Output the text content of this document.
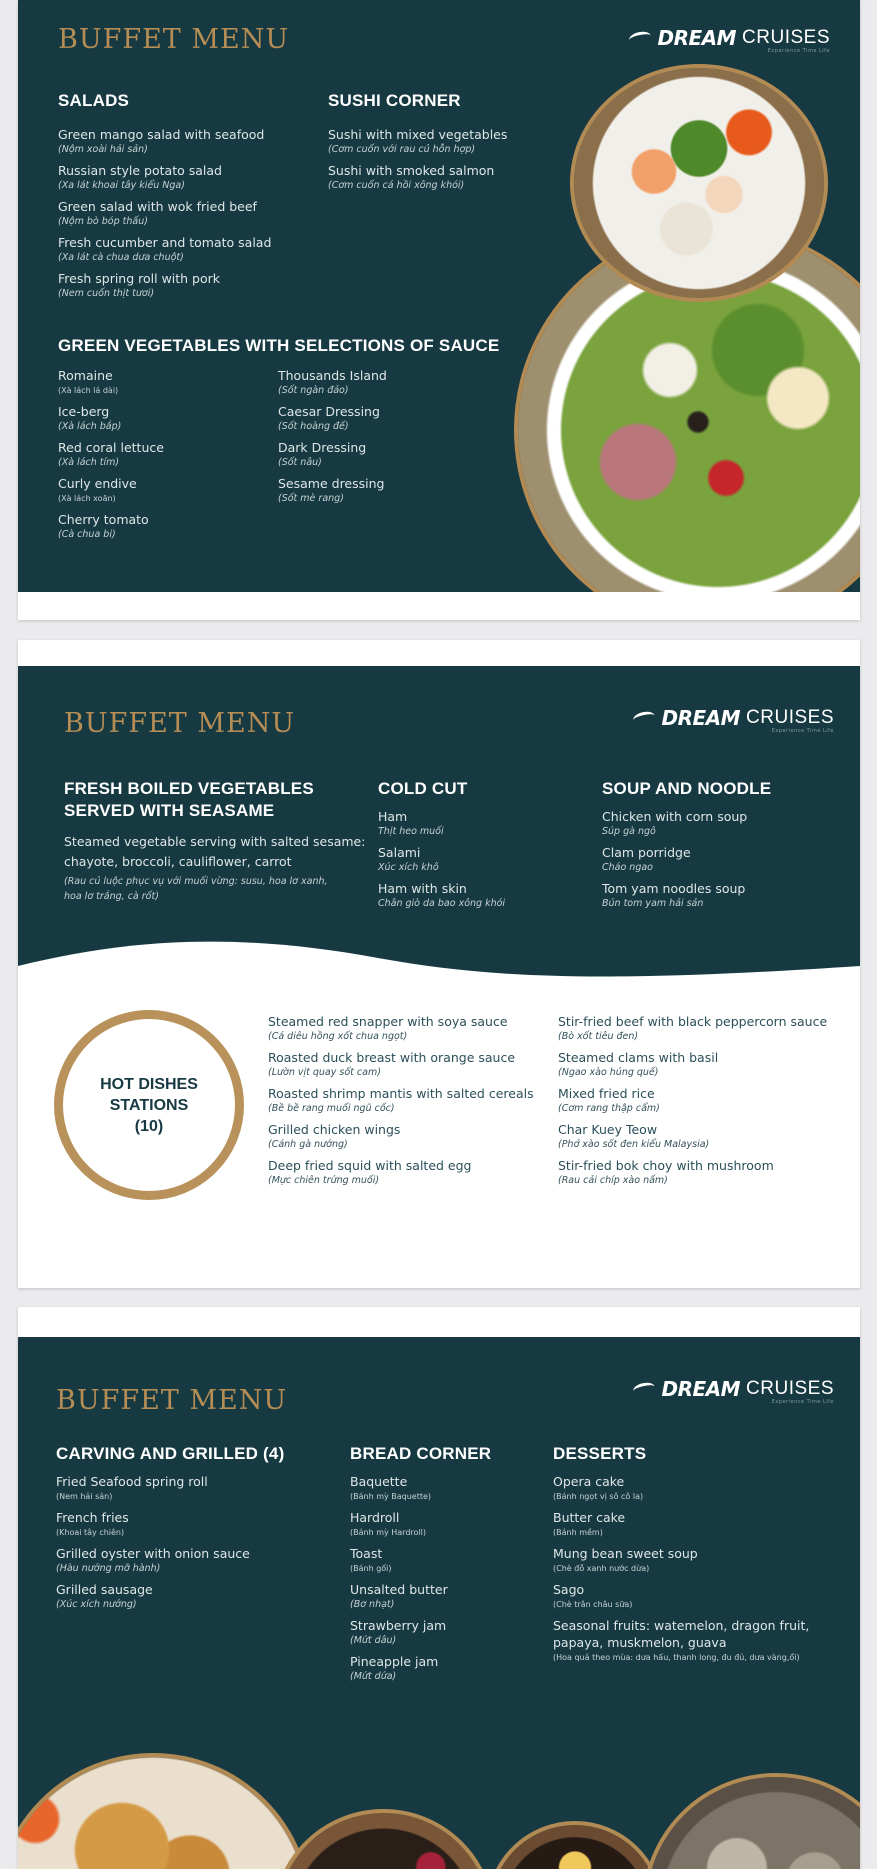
BUFFET MENU	DREAM CRUISES
Experience Time Life
SALADS
Green mango salad with seafood
(Nộm xoài hải sản)
Russian style potato salad
(Xa lát khoai tây kiểu Nga)
Green salad with wok fried beef
(Nộm bò bóp thấu)
Fresh cucumber and tomato salad
(Xa lát cà chua dưa chuột)
Fresh spring roll with pork
(Nem cuốn thịt tươi)
SUSHI CORNER
Sushi with mixed vegetables
(Cơm cuốn với rau củ hỗn hợp)
Sushi with smoked salmon
(Cơm cuốn cá hồi xông khói)
GREEN VEGETABLES WITH SELECTIONS OF SAUCE
Romaine
(Xà lách lá dài)
Ice-berg
(Xà lách bắp)
Red coral lettuce
(Xà lách tím)
Curly endive
(Xà lách xoăn)
Cherry tomato
(Cà chua bi)
Thousands Island
(Sốt ngàn đảo)
Caesar Dressing
(Sốt hoàng đế)
Dark Dressing
(Sốt nâu)
Sesame dressing
(Sốt mè rang)
BUFFET MENU	DREAM CRUISES
Experience Time Life
FRESH BOILED VEGETABLES
SERVED WITH SEASAME
Steamed vegetable serving with salted sesame:
chayote, broccoli, cauliflower, carrot
(Rau củ luộc phục vụ với muối vừng: susu, hoa lơ xanh,
hoa lơ trắng, cà rốt)
COLD CUT
Ham
Thịt heo muối
Salami
Xúc xích khô
Ham with skin
Chân giò da bao xông khói
SOUP AND NOODLE
Chicken with corn soup
Súp gà ngô
Clam porridge
Cháo ngao
Tom yam noodles soup
Bún tom yam hải sản
HOT DISHES
STATIONS
(10)
Steamed red snapper with soya sauce
(Cá diêu hồng xốt chua ngọt)
Roasted duck breast with orange sauce
(Lườn vịt quay sốt cam)
Roasted shrimp mantis with salted cereals
(Bề bề rang muối ngũ cốc)
Grilled chicken wings
(Cánh gà nướng)
Deep fried squid with salted egg
(Mực chiên trứng muối)
Stir-fried beef with black peppercorn sauce
(Bò xốt tiêu đen)
Steamed clams with basil
(Ngao xào húng quế)
Mixed fried rice
(Cơm rang thập cẩm)
Char Kuey Teow
(Phở xào sốt đen kiểu Malaysia)
Stir-fried bok choy with mushroom
(Rau cải chíp xào nấm)
BUFFET MENU	DREAM CRUISES
Experience Time Life
CARVING AND GRILLED (4)
Fried Seafood spring roll
(Nem hải sản)
French fries
(Khoai tây chiên)
Grilled oyster with onion sauce
(Hàu nướng mỡ hành)
Grilled sausage
(Xúc xích nướng)
BREAD CORNER
Baquette
(Bánh mỳ Baquette)
Hardroll
(Bánh mỳ Hardroll)
Toast
(Bánh gối)
Unsalted butter
(Bơ nhạt)
Strawberry jam
(Mứt dâu)
Pineapple jam
(Mứt dứa)
DESSERTS
Opera cake
(Bánh ngọt vị sô cô la)
Butter cake
(Bánh mềm)
Mung bean sweet soup
(Chè đỗ xanh nước dừa)
Sago
(Chè trân châu sữa)
Seasonal fruits: watemelon, dragon fruit,
papaya, muskmelon, guava
(Hoa quả theo mùa: dưa hấu, thanh long, đu đủ, dưa vàng,ổi)
